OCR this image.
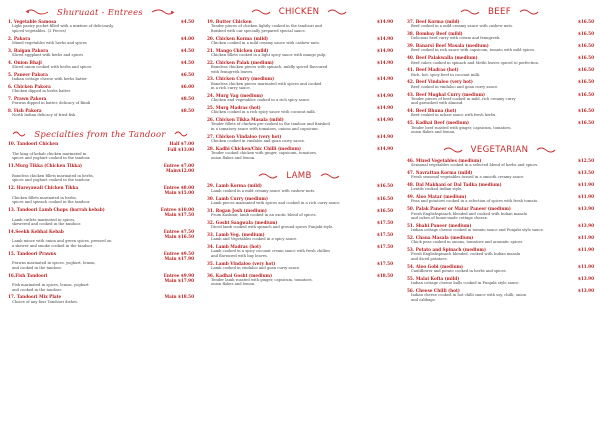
Shuruaat - Entrees
1. Vegetable Samosa	$4.50
Light pastry pocket filled with a mixture of deliciously
spiced vegetables. (2 Pieces)
2. Pakora	$4.00
Mixed vegetables with herbs and spices
3. Baigan Pakora	$4.50
Sliced eggplant with herbs and spices
4. Onion Bhaji	$4.50
Sliced onion cooked with herbs and spices
5. Paneer Pakora	$6.50
Indian cottage cheese with herbs batter
6. Chicken Pakora	$6.00
Chicken dipped in herbs batter
7. Prawn Pakora	$8.50
Prawns dipped in batter, delicacy of Bindi
8. Fish Pakora	$8.50
North Indian delicacy of fried fish
Specialties from the Tandoor
10. Tandoori Chicken	Half $7.00
Full $13.00
The king of kebab chicken marinated in
spices and yoghurt cooked in the tandoor.
11.Murg Tikka (Chicken Tikka)	Entree $7.00
Main$12.00
Boneless chicken fillets marinated in herbs,
spices and yoghurt cooked in the tandoor.
12. Hareyawali Chicken Tikka	Entree $8.00
Main $15.00
Chicken fillets marinated in herbs,
spices and spinach cooked in the tandoor.
13. Tandoori Lamb Chops (barrah kebab)	Entree $10.00
Main $17.50
Lamb cutlets marinated in spices,
skewered and cooked in the tandoor.
14.Seekh Kebhai Kebab	Entree $7.50
Main $16.50
Lamb mince with onion and green spices, pressed on
a skewer and smoke cooked in the tandoor
15. Tandoori Prawns	Entree $9.50
Main $17.90
Prawns marinated in spices, yoghurt, lemon,
and cooked in the tandoor.
16.Fish Tandoori	Entree $9.90
Main $17.90
Fish marinated in spices, lemon, yoghurt
and cooked in the tandoor.
17. Tandoori Mix Plate	Main $18.50
Choice of any four Tandoori dishes.
CHICKEN
19. Butter Chicken	$14.90
Tender pieces of chicken lightly cooked in the tandoori and
finished with our specially prepared special sauce.
20. Chicken Korma (mild)	$14.90
Chicken cooked in a mild creamy sauce with cashew nuts.
21. Mango Chicken (mild)	$14.90
Chicken fillets cooked in a light spicy sauce with mango pulp.
22. Chicken Palak (medium)	$14.90
Boneless chicken pieces with spinach, mildly spiced flavoured
with fenugreek leaves.
23. Chicken Curry (medium)	$14.90
Boneless chicken pieces marinated with spices and cooked
in a rich curry sauce.
24. Murg Vag (medium)	$14.90
Chicken and vegetables cooked in a rich spicy sauce.
25. Murg Madras (hot)	$14.90
Chicken cooked in a rich spicy sauce with coconut milk.
26. Chicken Tikka Masala (mild)	$14.90
Tender fillets of chicken pre-cooked in the tandoor and finished
in a tomatoey sauce with tomatoes, onions and capsicum.
27. Chicken Vindaloo (very hot)	$14.90
Chicken cooked in vindaloo and goan curry sauce.
28. Kadhi Chicken/Chic Chilli (medium)	$14.90
Tender cooked chicken with ginger, capsicum, tomatoes,
onion flakes and lemon.
LAMB
29. Lamb Korma (mild)	$16.50
Lamb cooked in a mild creamy sauce with cashew nuts.
30. Lamb Curry (medium)	$16.50
Lamb pieces marinated with spices and cooked in a rich curry sauce.
31. Rogan Josh (medium)	$16.50
From Kashmir, lamb cooked in an exotic blend of spices.
32. Gosht Saagwala (medium)	$17.50
Diced lamb cooked with spinach and ground spices Punjabi style.
33. Lamb Veg. (medium)	$17.50
Lamb and Vegetables cooked in a spicy sauce.
34. Lamb Madras (hot)	$17.50
Lamb cooked in a spicy coconut cream sauce with fresh chillies
and flavoured with bay leaves.
35. Lamb Vindaloo (very hot)	$17.50
Lamb cooked in vindaloo and goan curry sauce.
36. Kadhai Gosht (medium)	$18.50
Tender lamb roasted with ginger, capsicum, tomatoes,
onion flakes and lemon.
BEEF
37. Beef Korma (mild)	$16.50
Beef cooked in a mild creamy sauce with cashew nuts.
38. Bombay Beef (mild)	$16.50
Delicious beef curry with cream and fenugreek.
39. Banarsi Beef Masala (medium)	$16.50
Beef cooked in rich sauce with capsicum, tomato with mild spices.
40. Beef Palakwalla (medium)	$16.50
Beef cubes cooked in spinach and Methi leaves spiced to perfection.
41. Beef Madras (hot)	$16.50
Rich, hot, spicy beef in coconut milk.
42. Beef Vindaloo (very hot)	$16.50
Beef cooked in vindaloo and goan curry sauce.
43. Beef Mughal Curry (medium)	$16.50
Tender pieces of beef cooked in mild, rich creamy curry
and garnished with almond.
44. Beef Bhuna (hot)	$16.50
Beef cooked in achari sauce with fresh herbs.
45. Kadhai Beef (medium)	$16.50
Tender beef roasted with ginger, capsicum, tomatoes,
onion flakes and lemon.
VEGETARIAN
46. Mixed Vegetables (medium)	$12.50
Seasonal vegetables cooked in a selected blend of herbs and spices.
47. Navrattan Korma (mild)	$13.50
Fresh seasonal vegetables tossed in a smooth creamy sauce.
48. Dal Makhani or Dal Tadka (medium)	$11.90
Lentils cooked Indian style.
49. Aloo Matar (medium)	$11.90
Peas and potatoes cooked in a selection of spices with fresh tomato.
50. Palak Paneer or Matar Paneer (medium)	$13.90
Fresh Englishspinach blended and cooked with Indian masala
and cubes of home-made cottage cheese.
51. Shahi Paneer (medium)	$13.90
Indian cottage cheese cooked in tomato sauce and Punjabi style sauce.
52. Chana Masala (medium)	$11.90
Chick peas cooked in onions, tomatoes and aromatic spices.
53. Potato and Spinach (medium)	$11.90
Fresh Englishspinach blended, cooked with Indian masala
and diced potatoes.
54. Aloo Gobi (medium)	$11.90
Cauliflower and potato cooked in herbs and spices.
55. Malai Kofta (mild)	$13.90
Indian cottage cheese balls cooked in Punjabi style sauce.
56. Cheese Chilli (hot)	$13.90
Indian cheese cooked in hot chilli sauce with soy, chilli, onion
and cabbage.
